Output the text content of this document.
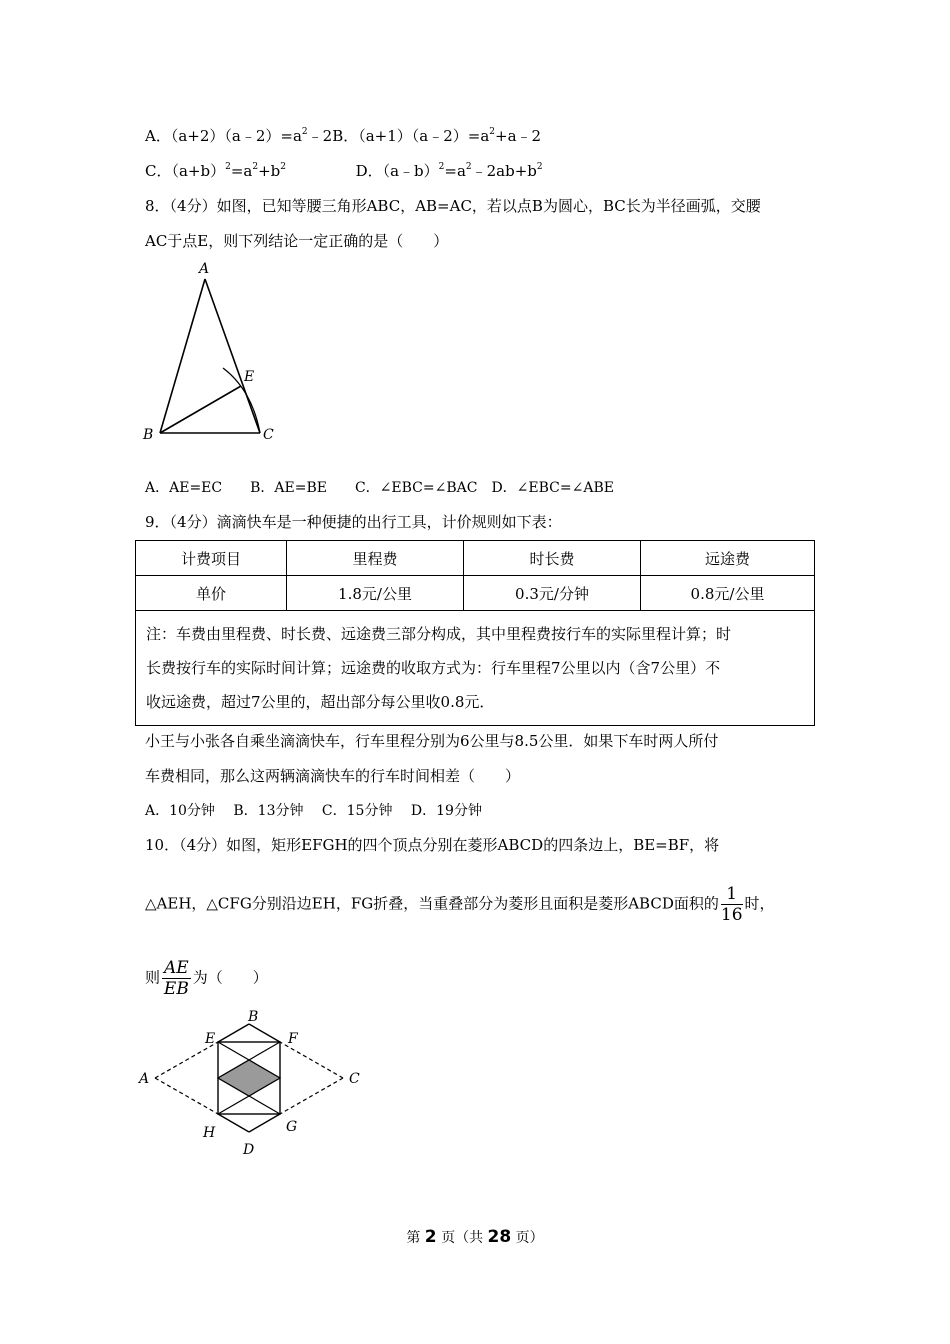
A．$(a+2)(a﹣2)=a^2﹣2B$．$(a+1)(a﹣2)=a^2+a﹣2$
C．$(a+b)^2=a^2+b^2$	D．$(a﹣b)^2=a^2﹣2ab+b^2$
8．（4分）如图，已知等腰三角形ABC，AB=AC，若以点B为圆心，BC长为半径画弧，交腰
AC于点E，则下列结论一定正确的是（　　）
A
B	C
E
A．AE=EC　　B．AE=BE　　C．∠EBC=∠BAC　D．∠EBC=∠ABE
9．（4分）滴滴快车是一种便捷的出行工具，计价规则如下表：
计费项目	里程费	时长费	远途费
单价	1.8元/公里	0.3元/分钟	0.8元/公里

注：车费由里程费、时长费、远途费三部分构成，其中里程费按行车的实际里程计算；时
长费按行车的实际时间计算；远途费的收取方式为：行车里程7公里以内（含7公里）不
收远途费，超过7公里的，超出部分每公里收0.8元．			
小王与小张各自乘坐滴滴快车，行车里程分别为6公里与8.5公里．如果下车时两人所付
车费相同，那么这两辆滴滴快车的行车时间相差（　　）
A．10分钟　 B．13分钟　 C．15分钟　 D．19分钟
10．（4分）如图，矩形EFGH的四个顶点分别在菱形ABCD的四条边上，BE=BF，将
△AEH，△CFG分别沿边EH，FG折叠，当重叠部分为菱形且面积是菱形ABCD面积的 $\frac{1}{16}$ 时，
则 $\frac{AE}{EB}$ 为（　　）
A
B
C
D
E	F
G
H
第 2 页（共 28 页）
